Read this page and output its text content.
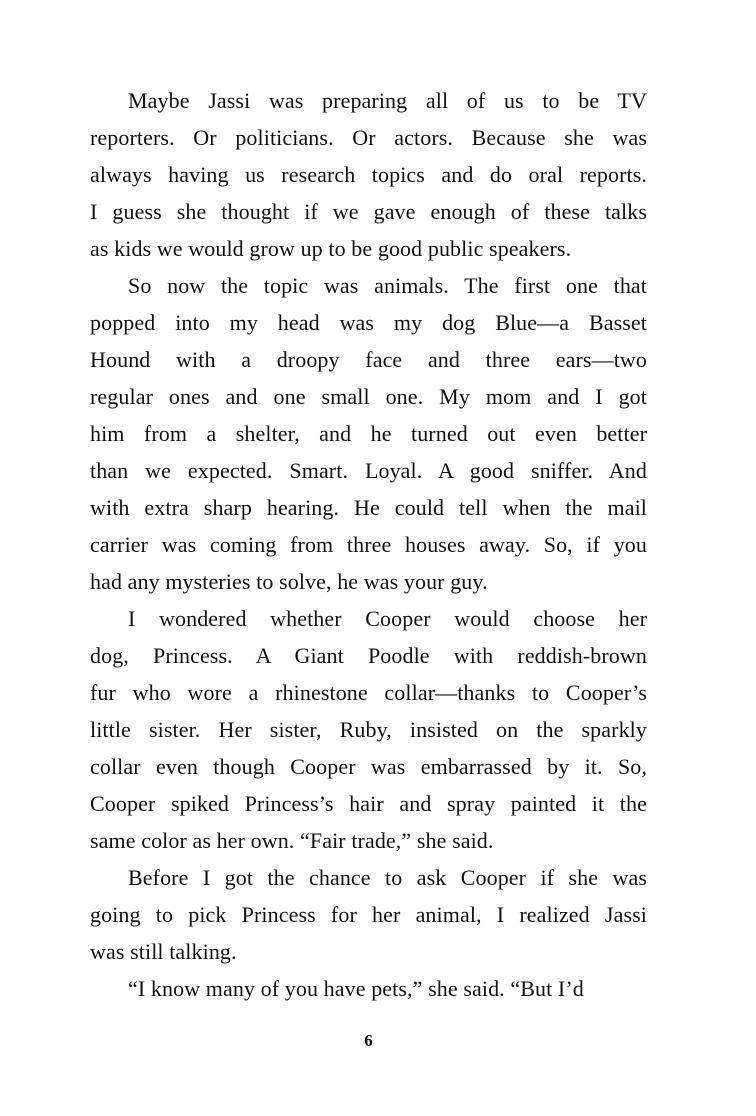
Maybe Jassi was preparing all of us to be TV
reporters. Or politicians. Or actors. Because she was
always having us research topics and do oral reports.
I guess she thought if we gave enough of these talks
as kids we would grow up to be good public speakers.
So now the topic was animals. The first one that
popped into my head was my dog Blue—a Basset
Hound with a droopy face and three ears—two
regular ones and one small one. My mom and I got
him from a shelter, and he turned out even better
than we expected. Smart. Loyal. A good sniffer. And
with extra sharp hearing. He could tell when the mail
carrier was coming from three houses away. So, if you
had any mysteries to solve, he was your guy.
I wondered whether Cooper would choose her
dog, Princess. A Giant Poodle with reddish-brown
fur who wore a rhinestone collar—thanks to Cooper’s
little sister. Her sister, Ruby, insisted on the sparkly
collar even though Cooper was embarrassed by it. So,
Cooper spiked Princess’s hair and spray painted it the
same color as her own. “Fair trade,” she said.
Before I got the chance to ask Cooper if she was
going to pick Princess for her animal, I realized Jassi
was still talking.
“I know many of you have pets,” she said. “But I’d
6
